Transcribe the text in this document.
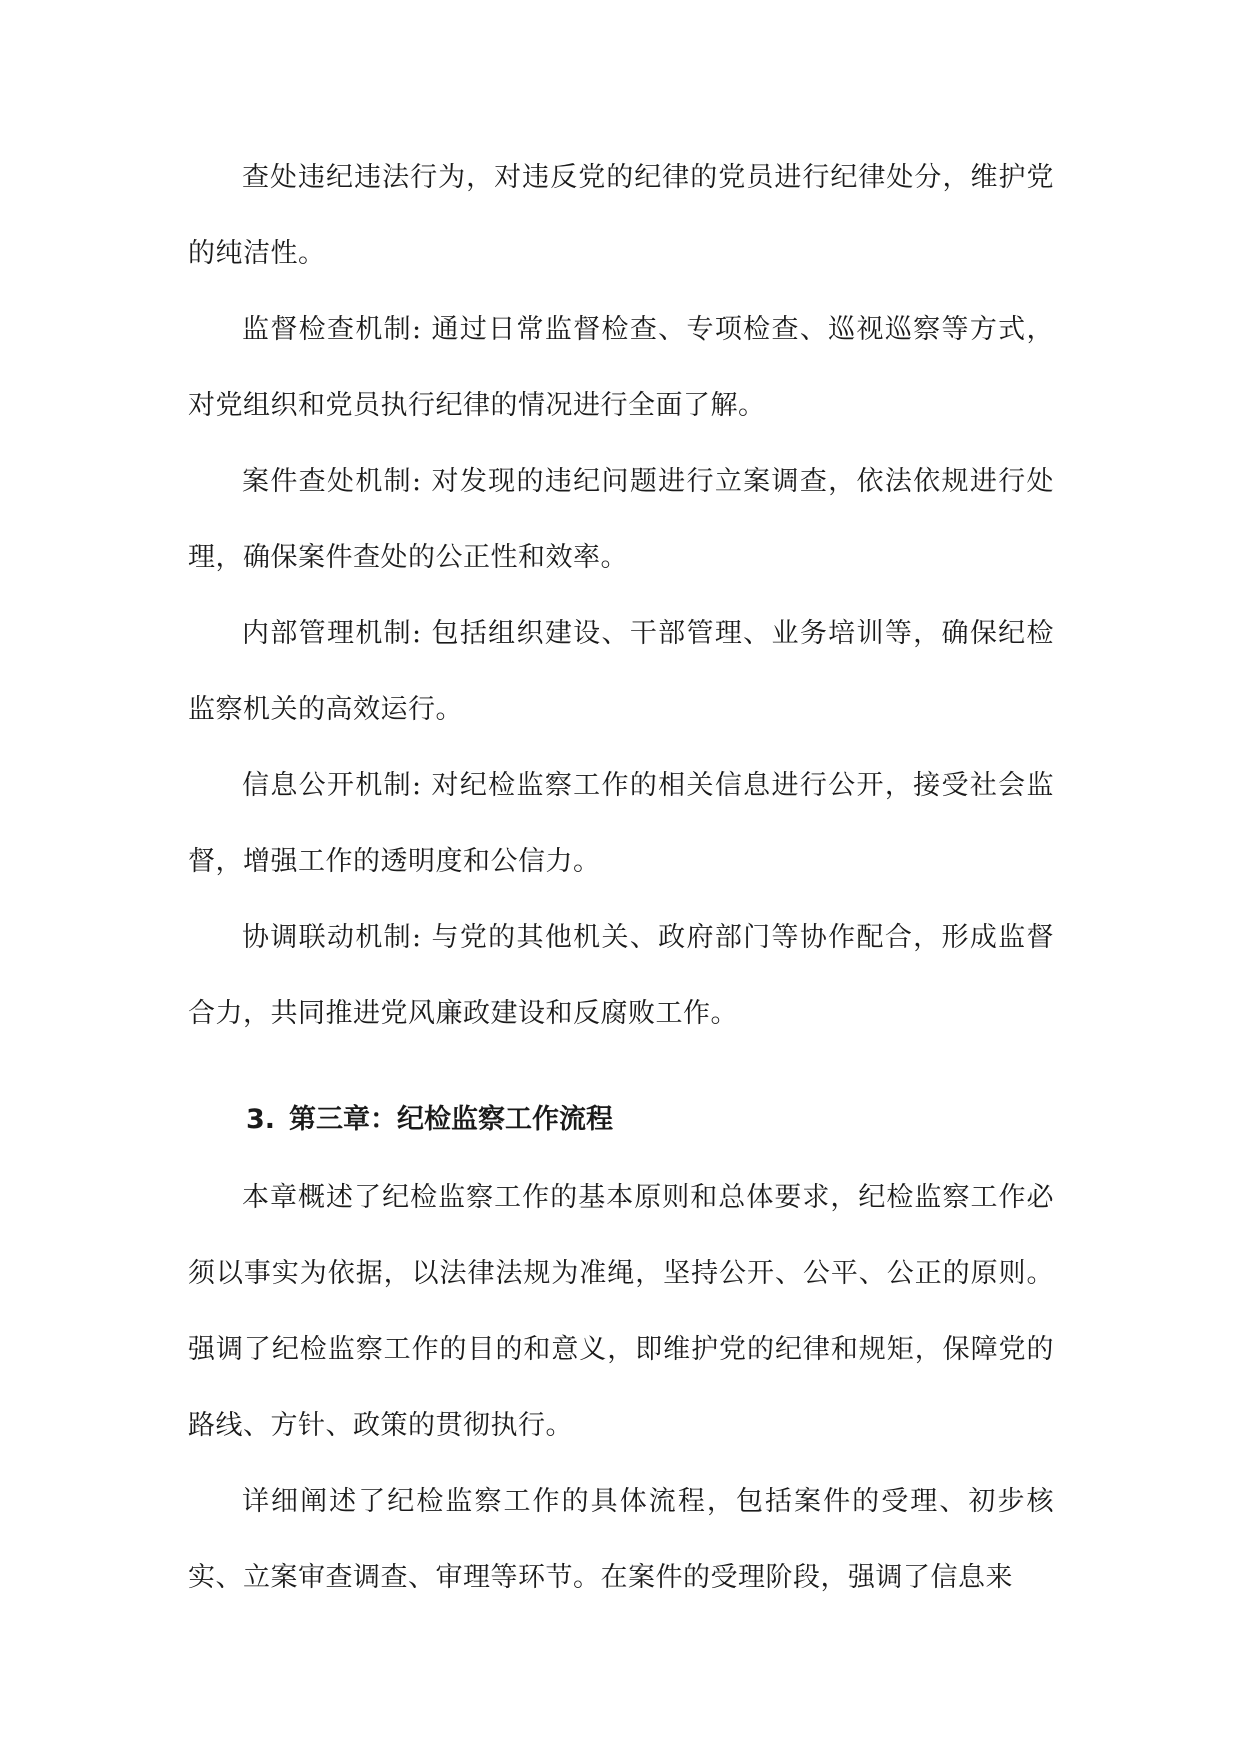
查处违纪违法行为，对违反党的纪律的党员进行纪律处分，维护党的纯洁性。

监督检查机制: 通过日常监督检查、专项检查、巡视巡察等方式，对党组织和党员执行纪律的情况进行全面了解。

案件查处机制: 对发现的违纪问题进行立案调查，依法依规进行处理，确保案件查处的公正性和效率。

内部管理机制: 包括组织建设、干部管理、业务培训等，确保纪检监察机关的高效运行。

信息公开机制: 对纪检监察工作的相关信息进行公开，接受社会监督，增强工作的透明度和公信力。

协调联动机制: 与党的其他机关、政府部门等协作配合，形成监督合力，共同推进党风廉政建设和反腐败工作。

3. 第三章：纪检监察工作流程

本章概述了纪检监察工作的基本原则和总体要求，纪检监察工作必须以事实为依据，以法律法规为准绳，坚持公开、公平、公正的原则。强调了纪检监察工作的目的和意义，即维护党的纪律和规矩，保障党的路线、方针、政策的贯彻执行。

详细阐述了纪检监察工作的具体流程，包括案件的受理、初步核实、立案审查调查、审理等环节。在案件的受理阶段，强调了信息来
